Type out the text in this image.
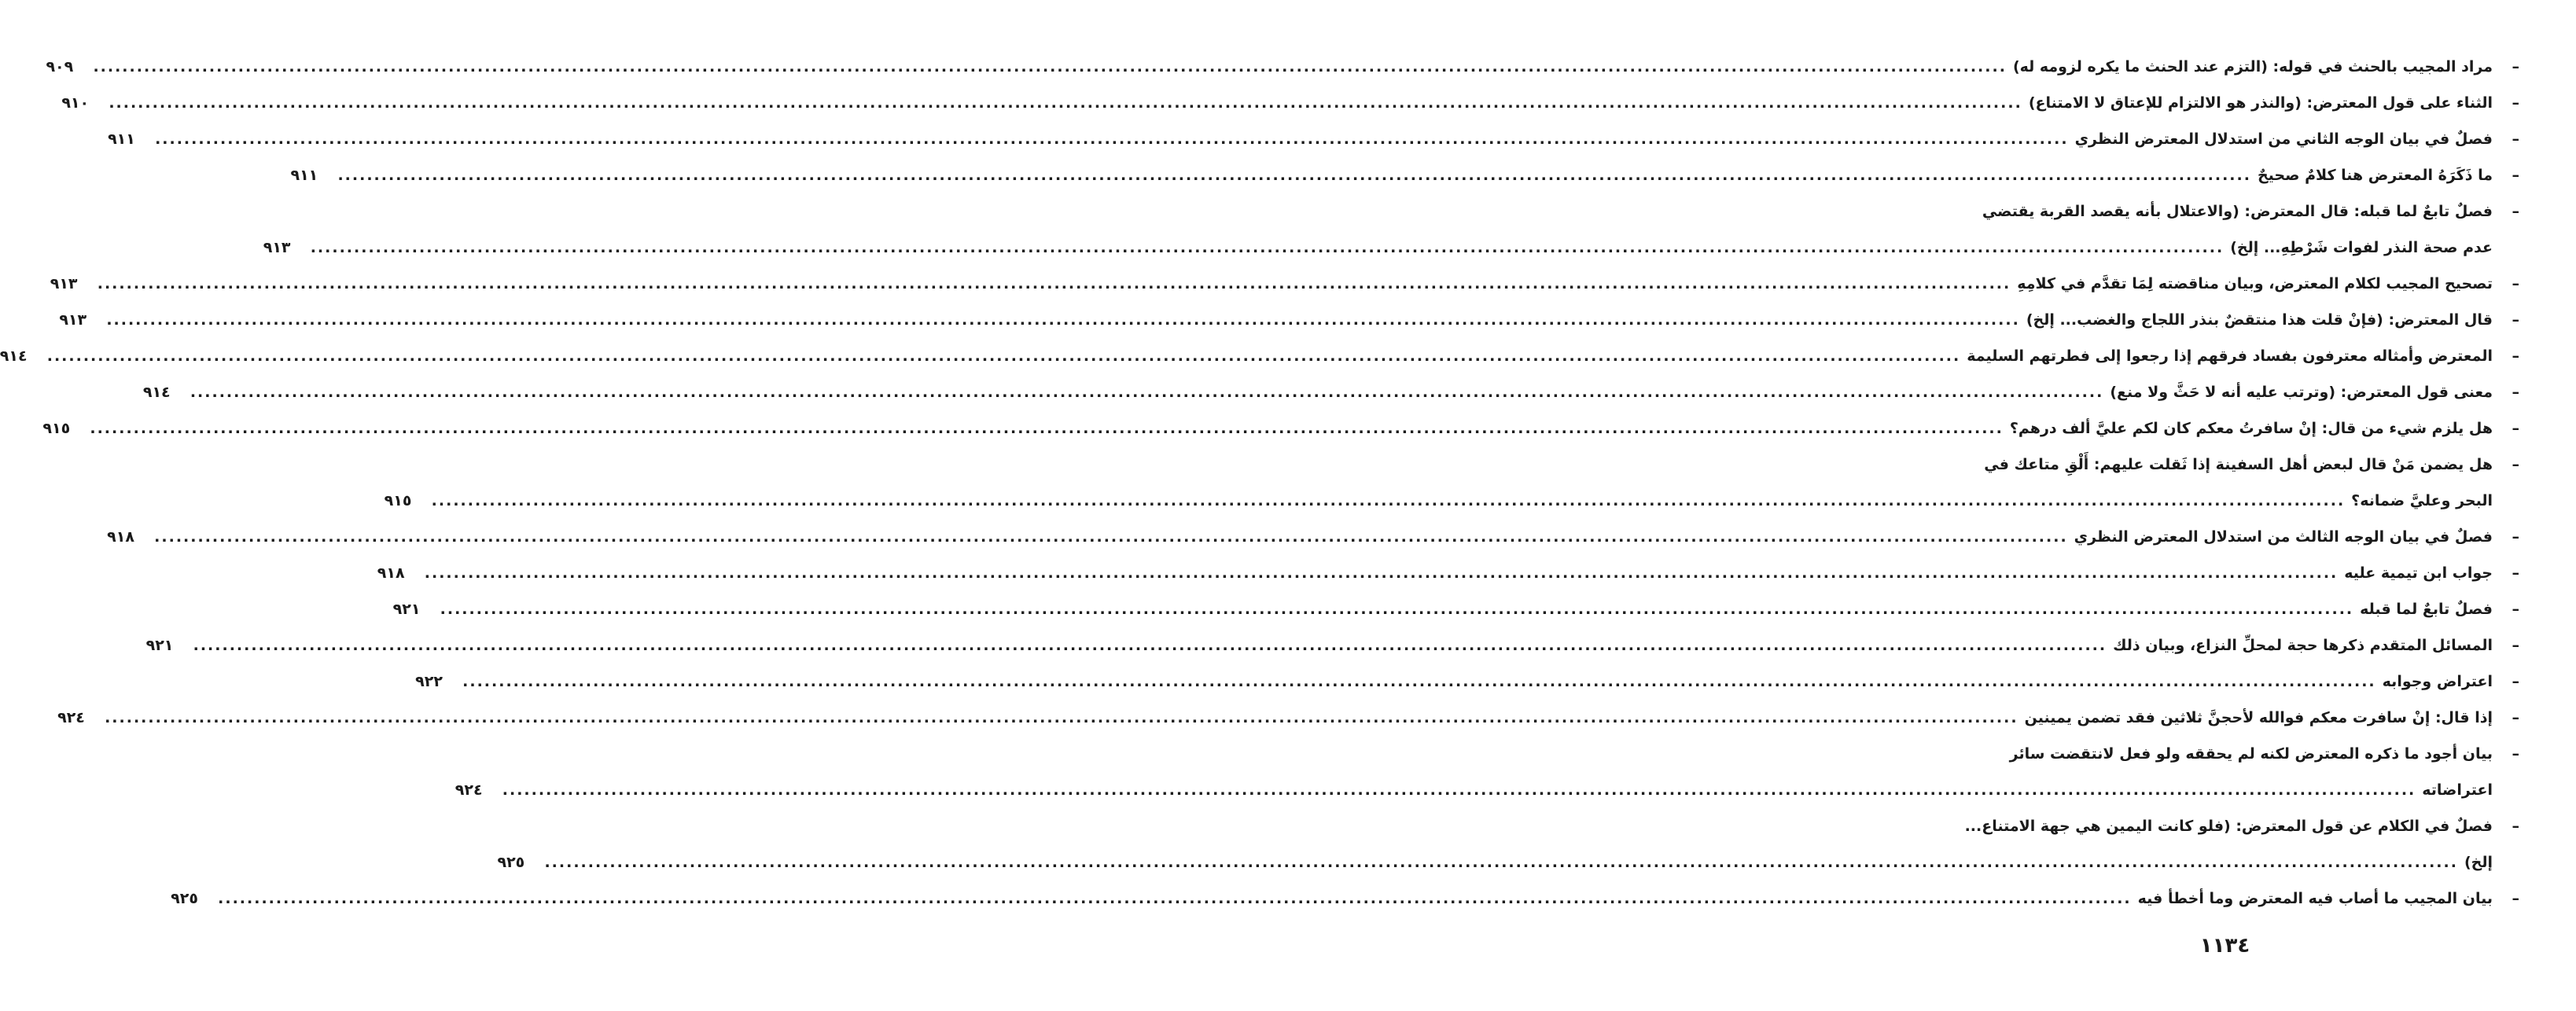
–
مراد المجيب بالحنث في قوله: (التزم عند الحنث ما يكره لزومه له)
.....
٩٠٩
–
الثناء على قول المعترض: (والنذر هو الالتزام للإعتاق لا الامتناع)
.....
٩١٠
–
فصلٌ في بيان الوجه الثاني من استدلال المعترض النظري
.....
٩١١
–
ما ذَكَرَهُ المعترض هنا كلامٌ صحيحٌ
.....
٩١١
–
فصلٌ تابعٌ لما قبله: قال المعترض: (والاعتلال بأنه يقصد القربة يقتضي
عدم صحة النذر لفوات شَرْطِهِ... إلخ)
.....
٩١٣
–
تصحيح المجيب لكلام المعترض، وبيان مناقضته لِمَا تقدَّم في كلامِهِ
.....
٩١٣
–
قال المعترض: (فإنْ قلت هذا منتقضٌ بنذر اللجاج والغضب... إلخ)
.....
٩١٣
–
المعترض وأمثاله معترفون بفساد فرقهم إذا رجعوا إلى فطرتهم السليمة
.....
٩١٤
–
معنى قول المعترض: (وترتب عليه أنه لا حَثَّ ولا منع)
.....
٩١٤
–
هل يلزم شيء من قال: إنْ سافرتُ معكم كان لكم عليَّ ألف درهم؟
.....
٩١٥
–
هل يضمن مَنْ قال لبعض أهل السفينة إذا ثَقلت عليهم: أَلْقِ متاعك في
البحر وعليَّ ضمانه؟
.....
٩١٥
–
فصلٌ في بيان الوجه الثالث من استدلال المعترض النظري
.....
٩١٨
–
جواب ابن تيمية عليه
.....
٩١٨
–
فصلٌ تابعٌ لما قبله
.....
٩٢١
–
المسائل المتقدم ذكرها حجة لمحلِّ النزاع، وبيان ذلك
.....
٩٢١
–
اعتراض وجوابه
.....
٩٢٢
–
إذا قال: إنْ سافرت معكم فوالله لأحجنَّ ثلاثين فقد تضمن يمينين
.....
٩٢٤
–
بيان أجود ما ذكره المعترض لكنه لم يحققه ولو فعل لانتقضت سائر
اعتراضاته
.....
٩٢٤
–
فصلٌ في الكلام عن قول المعترض: (فلو كانت اليمين هي جهة الامتناع...
إلخ)
.....
٩٢٥
–
بيان المجيب ما أصاب فيه المعترض وما أخطأ فيه
.....
٩٢٥
١١٣٤
